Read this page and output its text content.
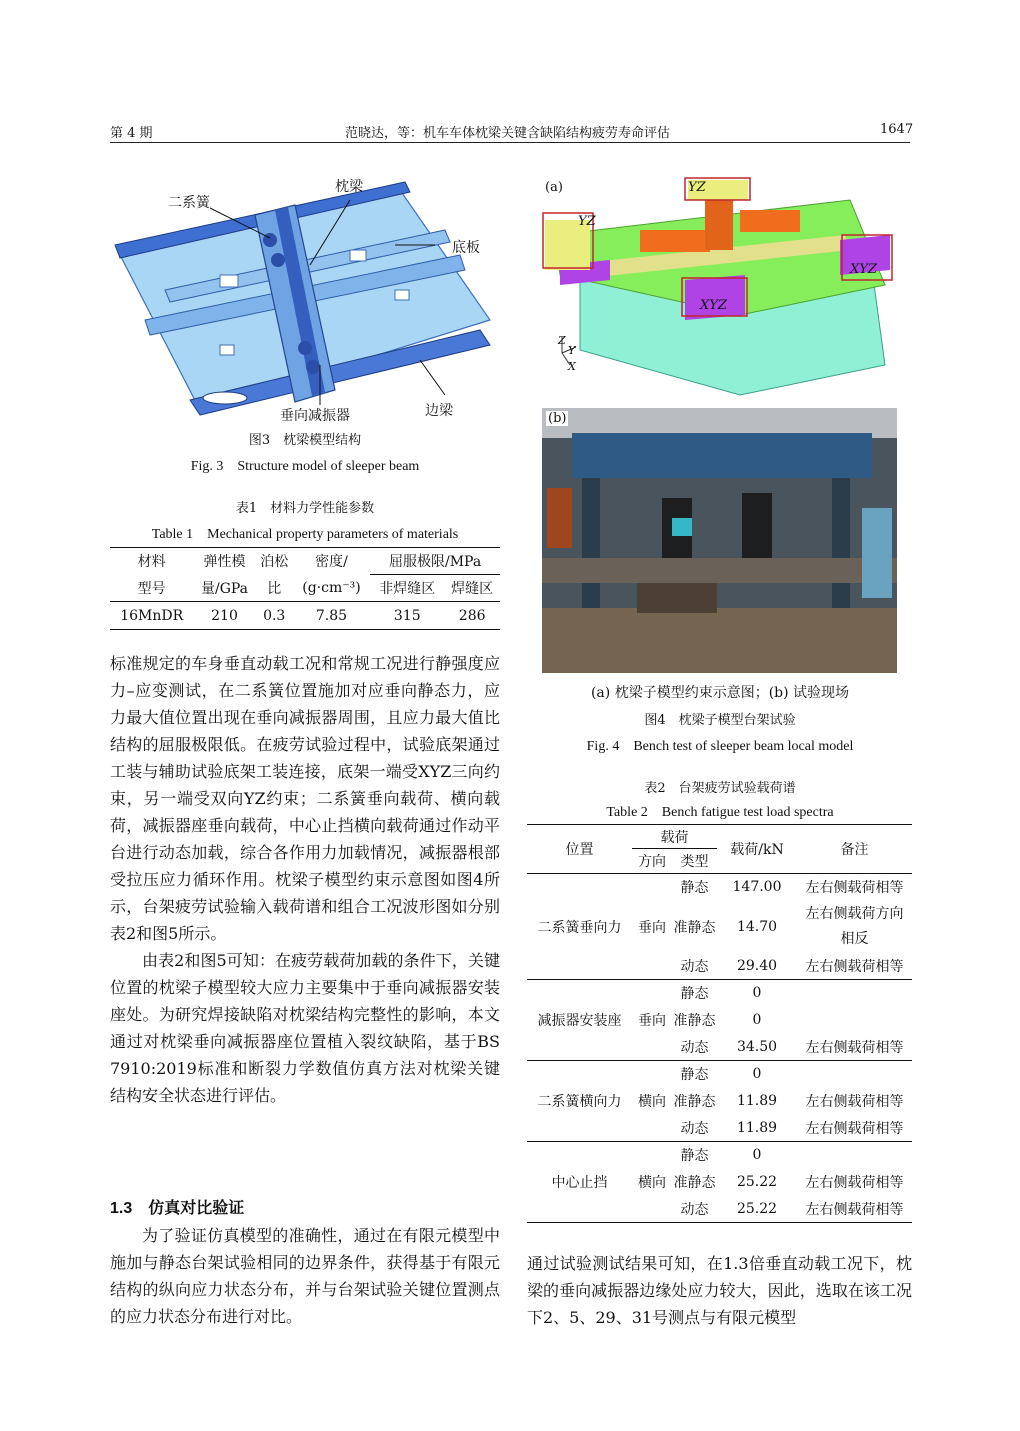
第 4 期	范晓达，等：机车车体枕梁关键含缺陷结构疲劳寿命评估	1647
二系簧
枕梁
底板
垂向减振器	边梁
图3　枕梁模型结构
Fig. 3　Structure model of sleeper beam
表1　材料力学性能参数
Table 1　Mechanical property parameters of materials
材料	弹性模	泊松	密度/	屈服极限/MPa	
型号	量/GPa	比	(g·cm⁻³)	非焊缝区	焊缝区
16MnDR	210	0.3	7.85	315	286

标准规定的车身垂直动载工况和常规工况进行静强度应力–应变测试，在二系簧位置施加对应垂向静态力，应力最大值位置出现在垂向减振器周围，且应力最大值比结构的屈服极限低。在疲劳试验过程中，试验底架通过工装与辅助试验底架工装连接，底架一端受XYZ三向约束，另一端受双向YZ约束；二系簧垂向载荷、横向载荷，减振器座垂向载荷，中心止挡横向载荷通过作动平台进行动态加载，综合各作用力加载情况，减振器根部受拉压应力循环作用。枕梁子模型约束示意图如图4所示，台架疲劳试验输入载荷谱和组合工况波形图如分别表2和图5所示。

由表2和图5可知：在疲劳载荷加载的条件下，关键位置的枕梁子模型较大应力主要集中于垂向减振器安装座处。为研究焊接缺陷对枕梁结构完整性的影响，本文通过对枕梁垂向减振器座位置植入裂纹缺陷，基于BS 7910:2019标准和断裂力学数值仿真方法对枕梁关键结构安全状态进行评估。

1.3　仿真对比验证
为了验证仿真模型的准确性，通过在有限元模型中施加与静态台架试验相同的边界条件，获得基于有限元结构的纵向应力状态分布，并与台架试验关键位置测点的应力状态分布进行对比。
(a)
YZ
YZ
XYZ
XYZ
Z
Y
X
(b)
(a) 枕梁子模型约束示意图；(b) 试验现场
图4　枕梁子模型台架试验
Fig. 4　Bench test of sleeper beam local model
表2　台架疲劳试验载荷谱
Table 2　Bench fatigue test load spectra
位置	载荷		载荷/kN	备注
	方向	类型		
二系簧垂向力	垂向	静态	147.00	左右侧载荷相等
		准静态	14.70	左右侧载荷方向相反
		动态	29.40	左右侧载荷相等
减振器安装座	垂向	静态	0	
		准静态	0	
		动态	34.50	左右侧载荷相等
二系簧横向力	横向	静态	0	
		准静态	11.89	左右侧载荷相等
		动态	11.89	左右侧载荷相等
中心止挡	横向	静态	0	
		准静态	25.22	左右侧载荷相等
		动态	25.22	左右侧载荷相等
通过试验测试结果可知，在1.3倍垂直动载工况下，枕梁的垂向减振器边缘处应力较大，因此，选取在该工况下2、5、29、31号测点与有限元模型
